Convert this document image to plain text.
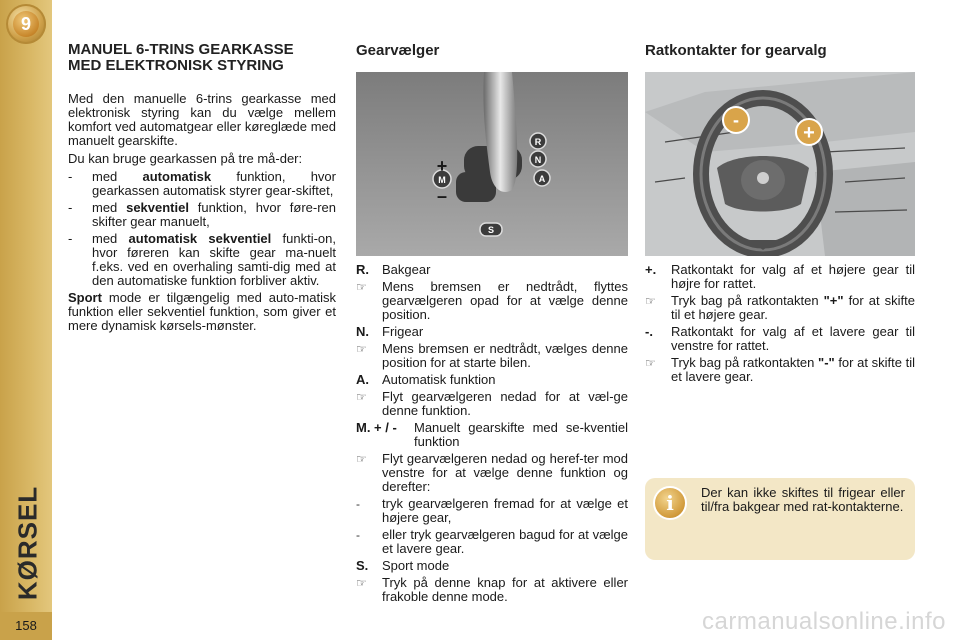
9
KØRSEL
158
MANUEL 6-TRINS GEARKASSE
MED ELEKTRONISK STYRING

Med den manuelle 6-trins gearkasse med elektronisk styring kan du vælge mellem komfort ved automatgear eller køreglæde med manuelt gearskifte.

Du kan bruge gearkassen på tre må-der:

-	med automatisk funktion, hvor gearkassen automatisk styrer gear-skiftet,
-	med sekventiel funktion, hvor føre-ren skifter gear manuelt,
-	med automatisk sekventiel funkti-on, hvor føreren kan skifte gear ma-nuelt f.eks. ved en overhaling samti-dig med at den automatiske funktion forbliver aktiv.

Sport mode er tilgængelig med auto-matisk funktion eller sekventiel funktion, som giver et mere dynamisk kørsels-mønster.

Gearvælger
R
N
A
M
+
–
S
R.	Bakgear
☞	Mens bremsen er nedtrådt, flyttes gearvælgeren opad for at vælge denne position.
N.	Frigear
☞	Mens bremsen er nedtrådt, vælges denne position for at starte bilen.
A.	Automatisk funktion
☞	Flyt gearvælgeren nedad for at væl-ge denne funktion.
M. + / -	Manuelt gearskifte med se-kventiel funktion
☞	Flyt gearvælgeren nedad og heref-ter mod venstre for at vælge denne funktion og derefter:
-	tryk gearvælgeren fremad for at vælge et højere gear,
-	eller tryk gearvælgeren bagud for at vælge et lavere gear.
S.	Sport mode
☞	Tryk på denne knap for at aktivere eller frakoble denne mode.
Ratkontakter for gearvalg
-
+
+.	Ratkontakt for valg af et højere gear til højre for rattet.
☞	Tryk bag på ratkontakten "+" for at skifte til et højere gear.
-.	Ratkontakt for valg af et lavere gear til venstre for rattet.
☞	Tryk bag på ratkontakten "-" for at skifte til et lavere gear.
i	Der kan ikke skiftes til frigear eller til/fra bakgear med rat-kontakterne.
carmanualsonline.info
